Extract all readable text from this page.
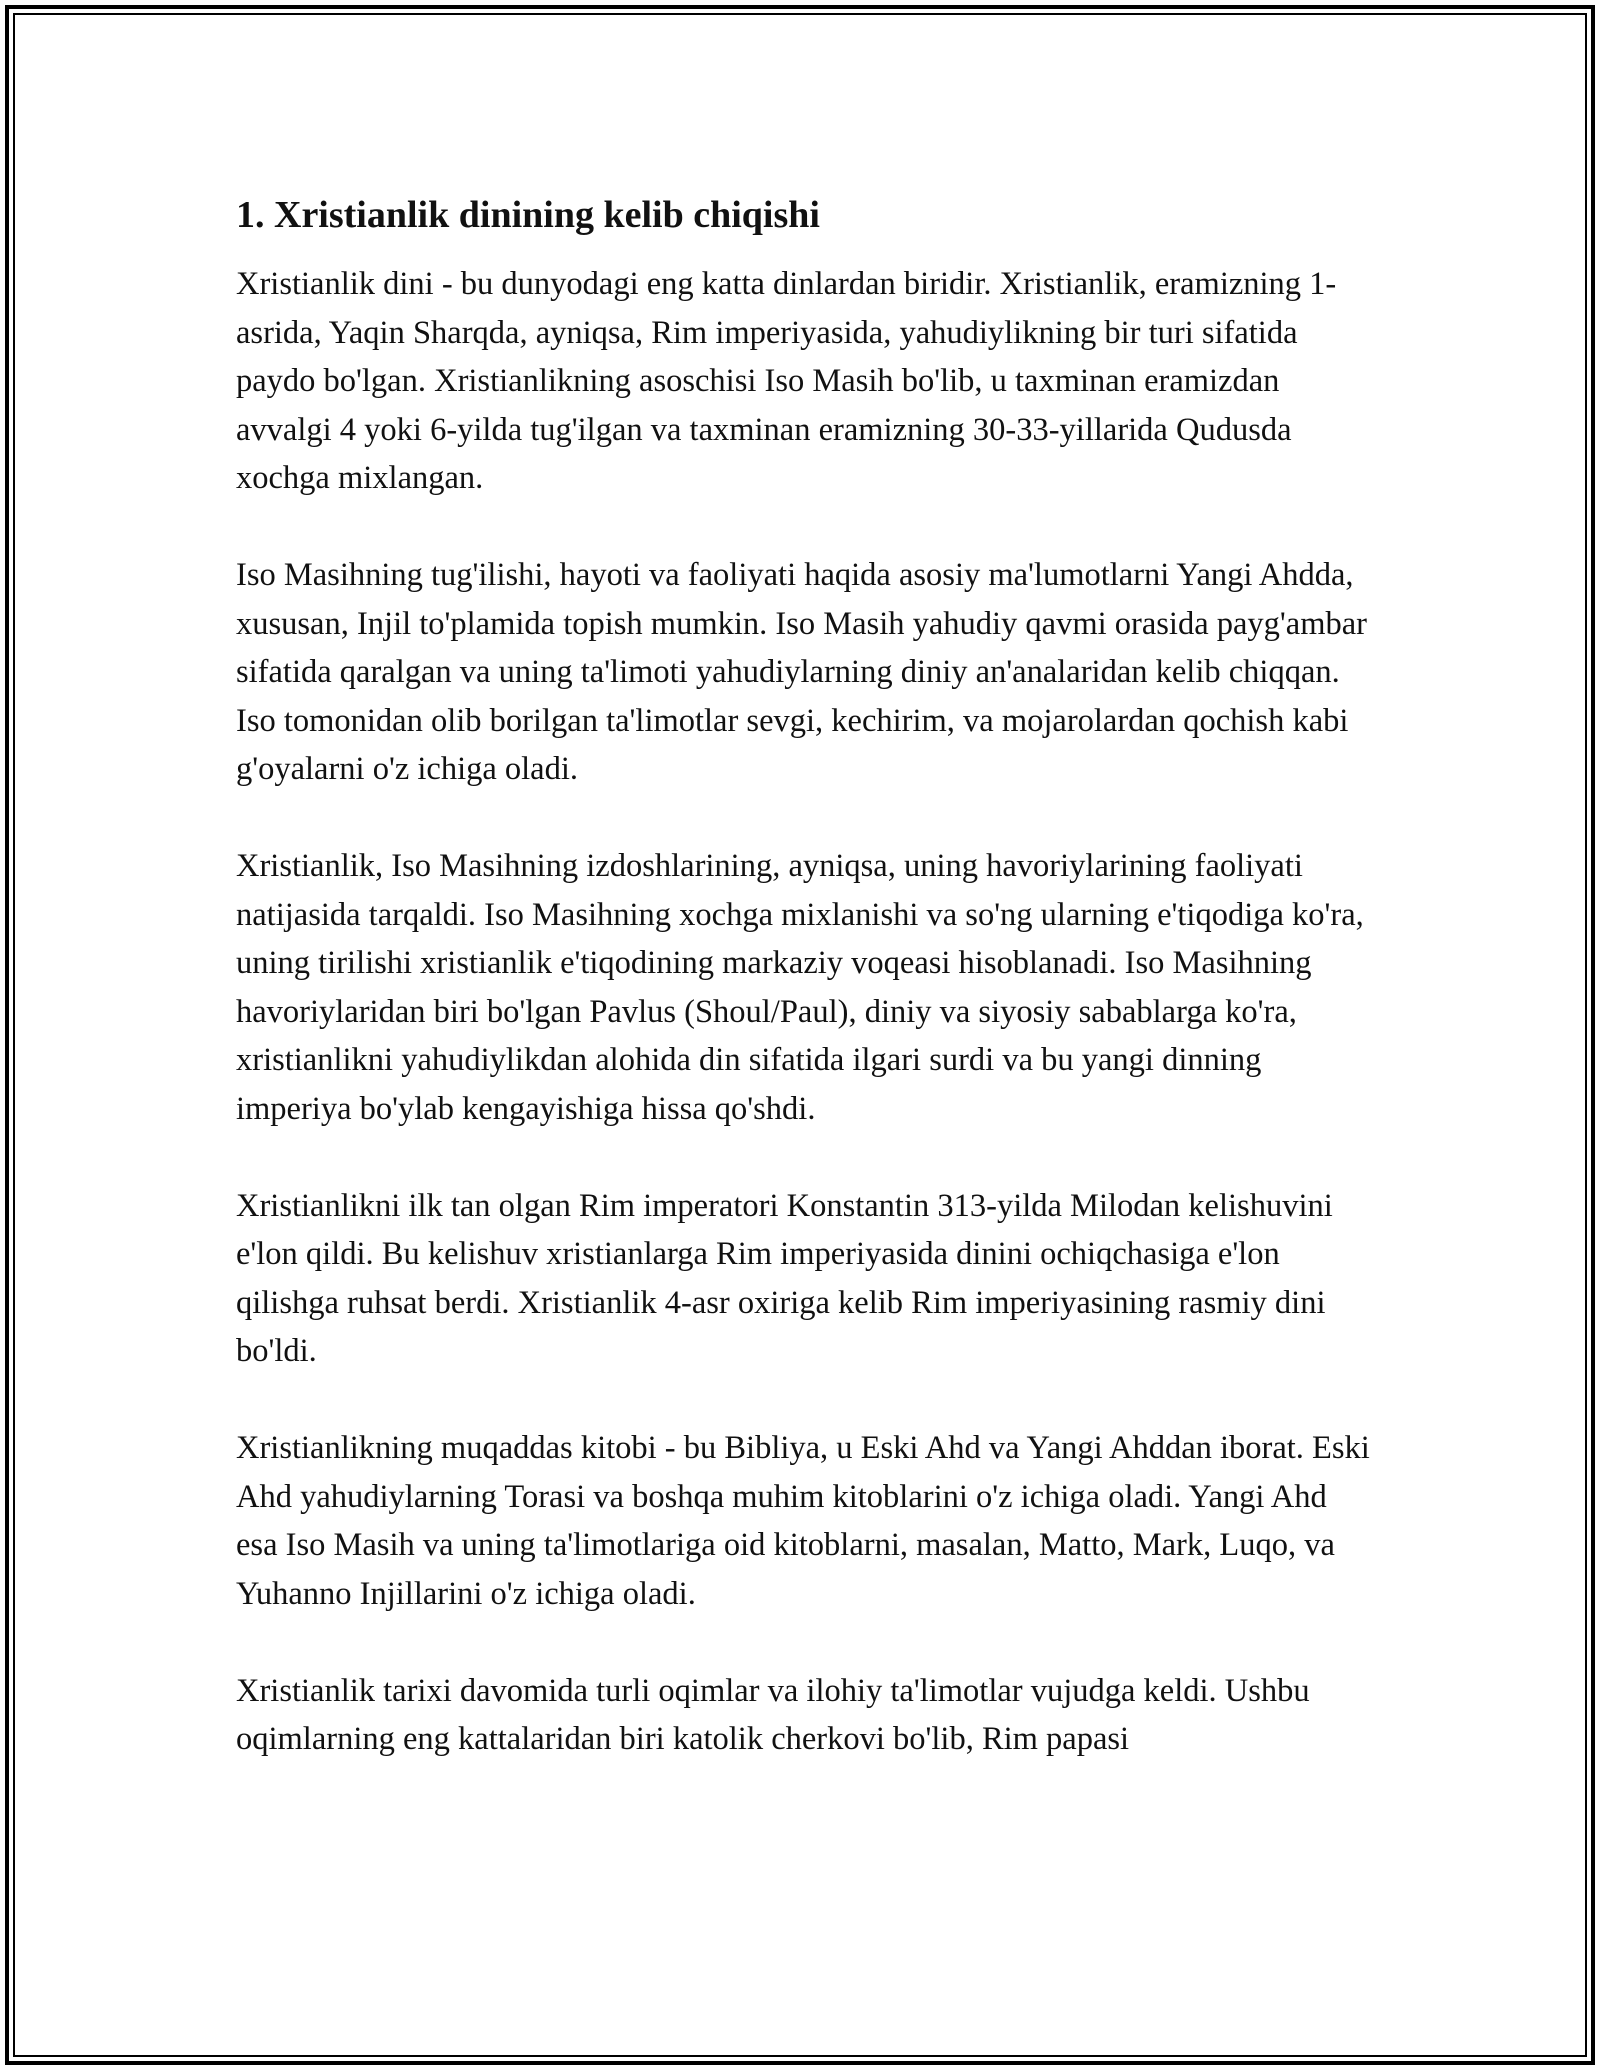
1. Xristianlik dinining kelib chiqishi

Xristianlik dini - bu dunyodagi eng katta dinlardan biridir. Xristianlik, eramizning 1-asrida, Yaqin Sharqda, ayniqsa, Rim imperiyasida, yahudiylikning bir turi sifatida paydo bo'lgan. Xristianlikning asoschisi Iso Masih bo'lib, u taxminan eramizdan avvalgi 4 yoki 6-yilda tug'ilgan va taxminan eramizning 30-33-yillarida Qudusda xochga mixlangan.

Iso Masihning tug'ilishi, hayoti va faoliyati haqida asosiy ma'lumotlarni Yangi Ahdda, xususan, Injil to'plamida topish mumkin. Iso Masih yahudiy qavmi orasida payg'ambar sifatida qaralgan va uning ta'limoti yahudiylarning diniy an'analaridan kelib chiqqan. Iso tomonidan olib borilgan ta'limotlar sevgi, kechirim, va mojarolardan qochish kabi g'oyalarni o'z ichiga oladi.

Xristianlik, Iso Masihning izdoshlarining, ayniqsa, uning havoriylarining faoliyati natijasida tarqaldi. Iso Masihning xochga mixlanishi va so'ng ularning e'tiqodiga ko'ra, uning tirilishi xristianlik e'tiqodining markaziy voqeasi hisoblanadi. Iso Masihning havoriylaridan biri bo'lgan Pavlus (Shoul/Paul), diniy va siyosiy sabablarga ko'ra, xristianlikni yahudiylikdan alohida din sifatida ilgari surdi va bu yangi dinning imperiya bo'ylab kengayishiga hissa qo'shdi.

Xristianlikni ilk tan olgan Rim imperatori Konstantin 313-yilda Milodan kelishuvini e'lon qildi. Bu kelishuv xristianlarga Rim imperiyasida dinini ochiqchasiga e'lon qilishga ruhsat berdi. Xristianlik 4-asr oxiriga kelib Rim imperiyasining rasmiy dini bo'ldi.

Xristianlikning muqaddas kitobi - bu Bibliya, u Eski Ahd va Yangi Ahddan iborat. Eski Ahd yahudiylarning Torasi va boshqa muhim kitoblarini o'z ichiga oladi. Yangi Ahd esa Iso Masih va uning ta'limotlariga oid kitoblarni, masalan, Matto, Mark, Luqo, va Yuhanno Injillarini o'z ichiga oladi.

Xristianlik tarixi davomida turli oqimlar va ilohiy ta'limotlar vujudga keldi. Ushbu oqimlarning eng kattalaridan biri katolik cherkovi bo'lib, Rim papasi
